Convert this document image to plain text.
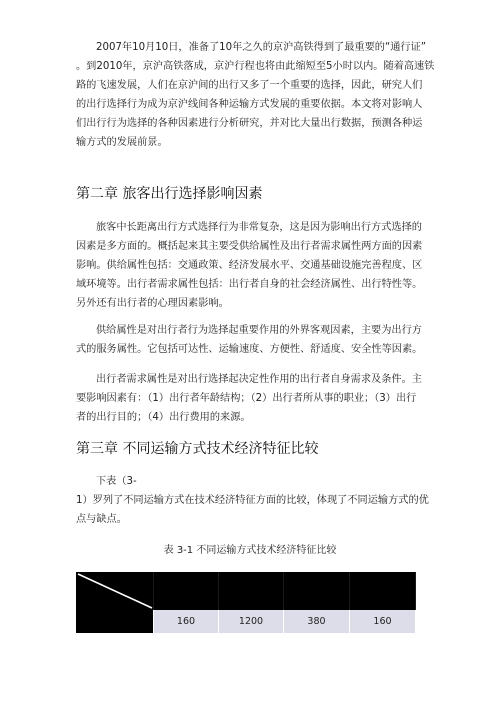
2007年10月10日，准备了10年之久的京沪高铁得到了最重要的“通行证”
。到2010年，京沪高铁落成，京沪行程也将由此缩短至5小时以内。随着高速铁
路的飞速发展，人们在京沪间的出行又多了一个重要的选择，因此，研究人们
的出行选择行为成为京沪线间各种运输方式发展的重要依据。本文将对影响人
们出行行为选择的各种因素进行分析研究，并对比大量出行数据，预测各种运
输方式的发展前景。

第二章 旅客出行选择影响因素

旅客中长距离出行方式选择行为非常复杂，这是因为影响出行方式选择的
因素是多方面的。概括起来其主要受供给属性及出行者需求属性两方面的因素
影响。供给属性包括：交通政策、经济发展水平、交通基础设施完善程度、区
域环境等。出行者需求属性包括：出行者自身的社会经济属性、出行特性等。
另外还有出行者的心理因素影响。

供给属性是对出行者行为选择起重要作用的外界客观因素，主要为出行方
式的服务属性。它包括可达性、运输速度、方便性、舒适度、安全性等因素。

出行者需求属性是对出行选择起决定性作用的出行者自身需求及条件。主
要影响因素有：（1）出行者年龄结构；（2）出行者所从事的职业；（3）出行
者的出行目的；（4）出行费用的来源。

第三章 不同运输方式技术经济特征比较

下表（3-
1）罗列了不同运输方式在技术经济特征方面的比较，体现了不同运输方式的优
点与缺点。

表 3-1 不同运输方式技术经济特征比较
160	1200	380	160
